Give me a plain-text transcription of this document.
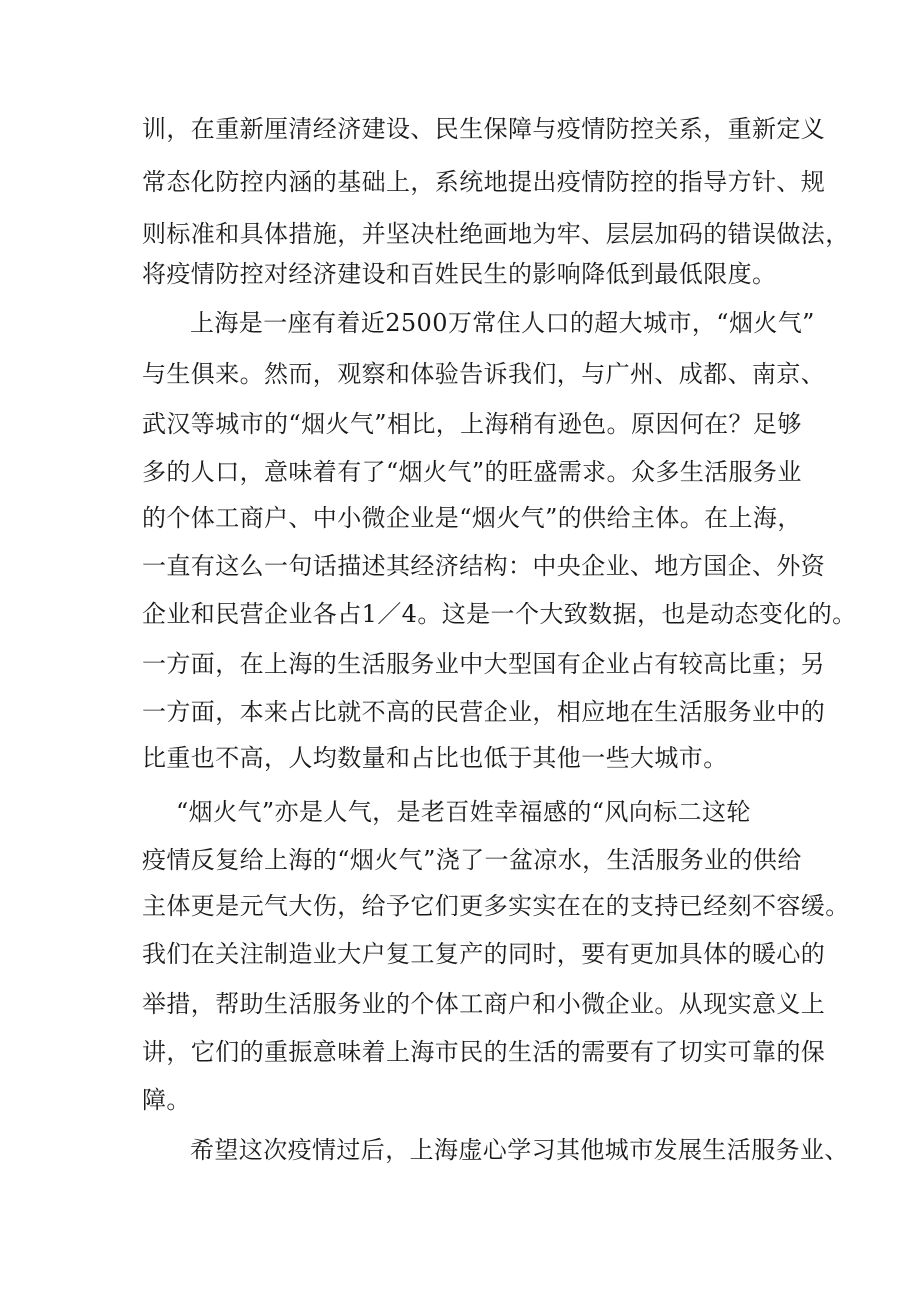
训，在重新厘清经济建设、民生保障与疫情防控关系，重新定义
常态化防控内涵的基础上，系统地提出疫情防控的指导方针、规
则标准和具体措施，并坚决杜绝画地为牢、层层加码的错误做法，
将疫情防控对经济建设和百姓民生的影响降低到最低限度。
上海是一座有着近2500万常住人口的超大城市，“烟火气”
与生俱来。然而，观察和体验告诉我们，与广州、成都、南京、
武汉等城市的“烟火气”相比，上海稍有逊色。原因何在？足够
多的人口，意味着有了“烟火气”的旺盛需求。众多生活服务业
的个体工商户、中小微企业是“烟火气”的供给主体。在上海，
一直有这么一句话描述其经济结构：中央企业、地方国企、外资
企业和民营企业各占1／4。这是一个大致数据，也是动态变化的。
一方面，在上海的生活服务业中大型国有企业占有较高比重；另
一方面，本来占比就不高的民营企业，相应地在生活服务业中的
比重也不高，人均数量和占比也低于其他一些大城市。
“烟火气”亦是人气，是老百姓幸福感的“风向标二这轮
疫情反复给上海的“烟火气”浇了一盆凉水，生活服务业的供给
主体更是元气大伤，给予它们更多实实在在的支持已经刻不容缓。
我们在关注制造业大户复工复产的同时，要有更加具体的暖心的
举措，帮助生活服务业的个体工商户和小微企业。从现实意义上
讲，它们的重振意味着上海市民的生活的需要有了切实可靠的保
障。
希望这次疫情过后，上海虚心学习其他城市发展生活服务业、
